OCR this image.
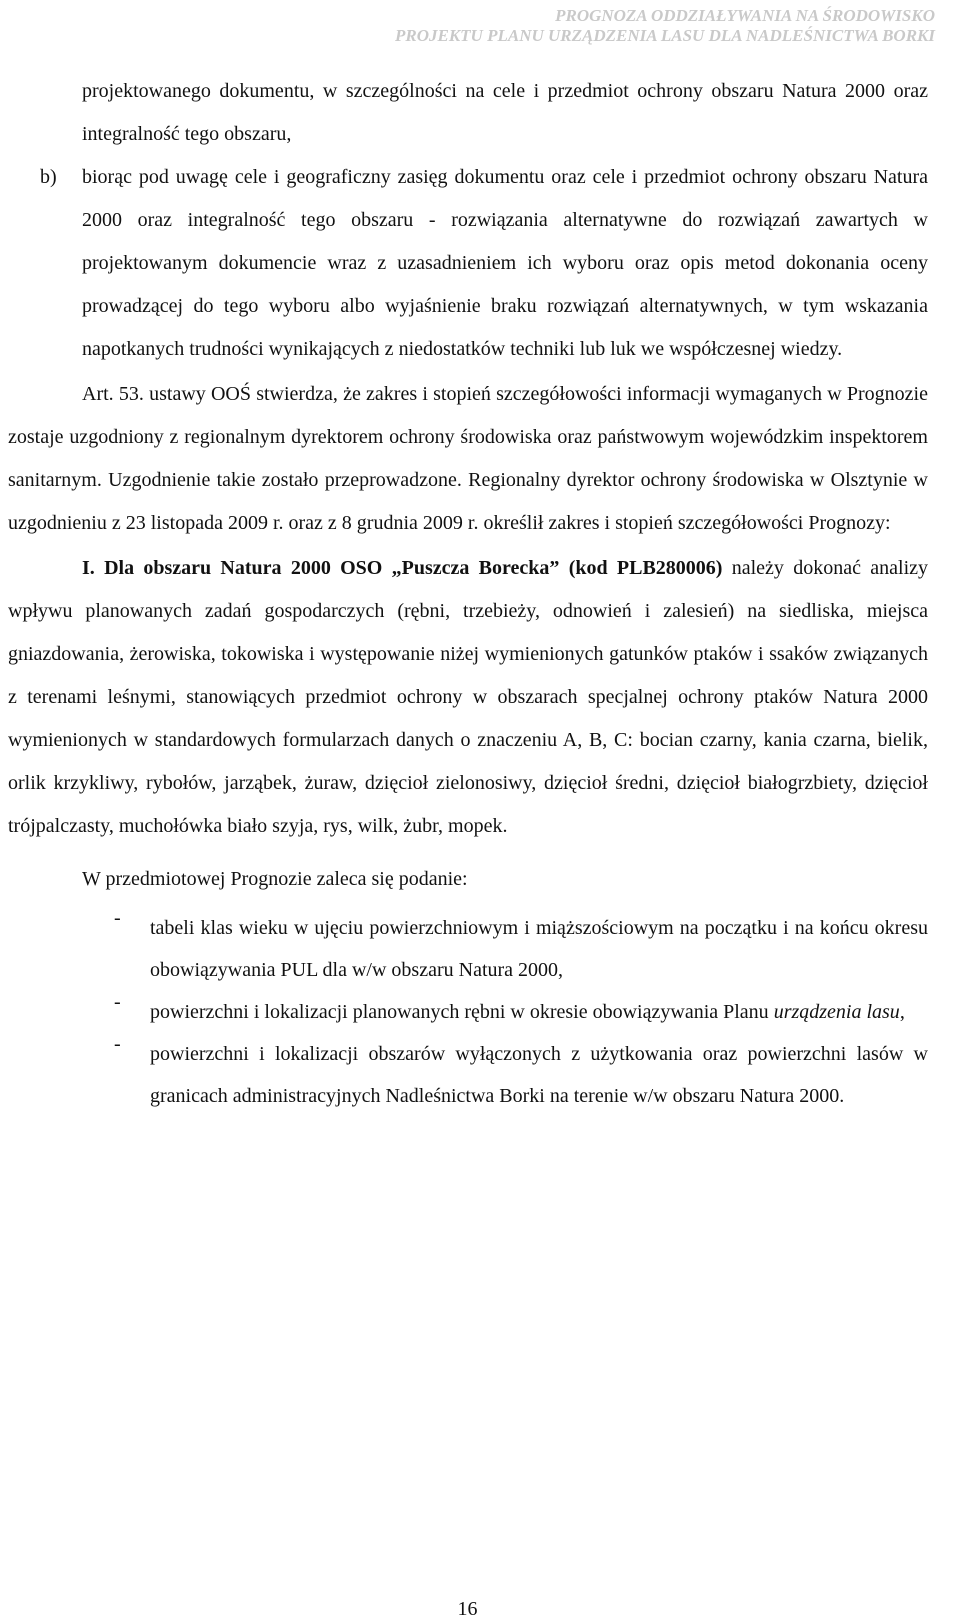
PROGNOZA ODDZIAŁYWANIA NA ŚRODOWISKO
PROJEKTU PLANU URZĄDZENIA LASU DLA NADLEŚNICTWA BORKI

projektowanego dokumentu, w szczególności na cele i przedmiot ochrony obszaru Natura 2000 oraz integralność tego obszaru,

b) biorąc pod uwagę cele i geograficzny zasięg dokumentu oraz cele i przedmiot ochrony obszaru Natura 2000 oraz integralność tego obszaru - rozwiązania alternatywne do rozwiązań zawartych w projektowanym dokumencie wraz z uzasadnieniem ich wyboru oraz opis metod dokonania oceny prowadzącej do tego wyboru albo wyjaśnienie braku rozwiązań alternatywnych, w tym wskazania napotkanych trudności wynikających z niedostatków techniki lub luk we współczesnej wiedzy.

Art. 53. ustawy OOŚ stwierdza, że zakres i stopień szczegółowości informacji wymaganych w Prognozie zostaje uzgodniony z regionalnym dyrektorem ochrony środowiska oraz państwowym wojewódzkim inspektorem sanitarnym. Uzgodnienie takie zostało przeprowadzone. Regionalny dyrektor ochrony środowiska w Olsztynie w uzgodnieniu z 23 listopada 2009 r. oraz z 8 grudnia 2009 r. określił zakres i stopień szczegółowości Prognozy:

I. Dla obszaru Natura 2000 OSO „Puszcza Borecka” (kod PLB280006) należy dokonać analizy wpływu planowanych zadań gospodarczych (rębni, trzebieży, odnowień i zalesień) na siedliska, miejsca gniazdowania, żerowiska, tokowiska i występowanie niżej wymienionych gatunków ptaków i ssaków związanych z terenami leśnymi, stanowiących przedmiot ochrony w obszarach specjalnej ochrony ptaków Natura 2000 wymienionych w standardowych formularzach danych o znaczeniu A, B, C: bocian czarny, kania czarna, bielik, orlik krzykliwy, rybołów, jarząbek, żuraw, dzięcioł zielonosiwy, dzięcioł średni, dzięcioł białogrzbiety, dzięcioł trójpalczasty, muchołówka biało szyja, rys, wilk, żubr, mopek.

W przedmiotowej Prognozie zaleca się podanie:

- tabeli klas wieku w ujęciu powierzchniowym i miąższościowym na początku i na końcu okresu obowiązywania PUL dla w/w obszaru Natura 2000,

- powierzchni i lokalizacji planowanych rębni w okresie obowiązywania Planu urządzenia lasu,

- powierzchni i lokalizacji obszarów wyłączonych z użytkowania oraz powierzchni lasów w granicach administracyjnych Nadleśnictwa Borki na terenie w/w obszaru Natura 2000.

16
